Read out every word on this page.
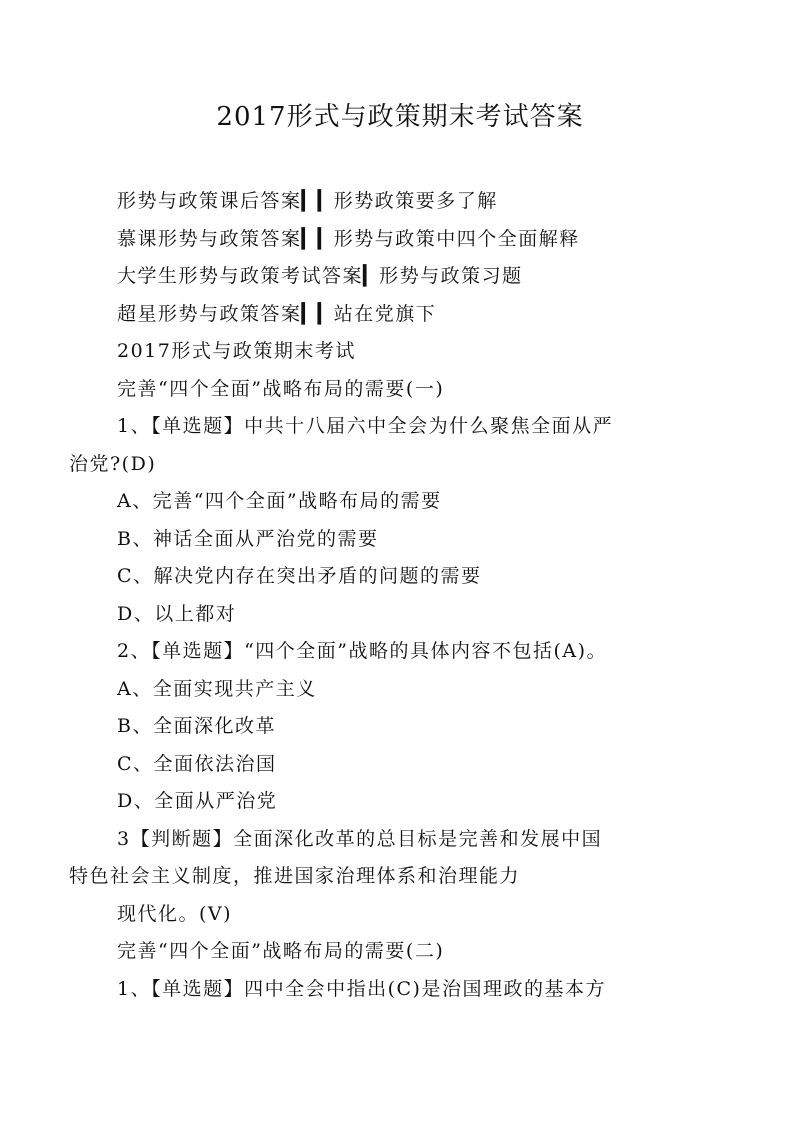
2017形式与政策期末考试答案
形势与政策课后答案▎▎形势政策要多了解
慕课形势与政策答案▎▎形势与政策中四个全面解释
大学生形势与政策考试答案▎形势与政策习题
超星形势与政策答案▎▎站在党旗下
2017形式与政策期末考试
完善“四个全面”战略布局的需要(一)
1、【单选题】中共十八届六中全会为什么聚焦全面从严
治党?(D)
A、完善“四个全面”战略布局的需要
B、神话全面从严治党的需要
C、解决党内存在突出矛盾的问题的需要
D、以上都对
2、【单选题】“四个全面”战略的具体内容不包括(A)。
A、全面实现共产主义
B、全面深化改革
C、全面依法治国
D、全面从严治党
3【判断题】全面深化改革的总目标是完善和发展中国
特色社会主义制度，推进国家治理体系和治理能力
现代化。(V)
完善“四个全面”战略布局的需要(二)
1、【单选题】四中全会中指出(C)是治国理政的基本方
